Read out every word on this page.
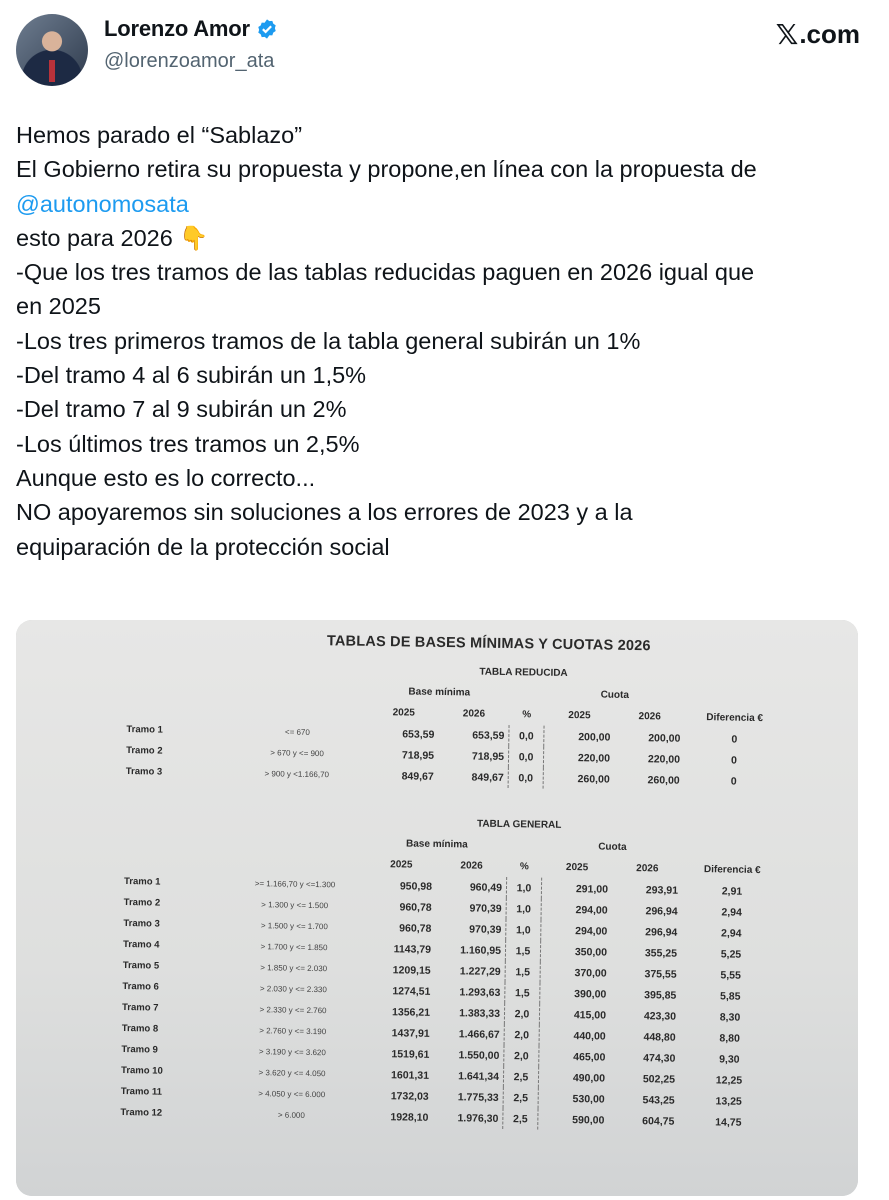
Lorenzo Amor
@lorenzoamor_ata
𝕏 .com
Hemos parado el “Sablazo”
El Gobierno retira su propuesta y propone,en línea con la propuesta de
@autonomosata
esto para 2026 👇
-Que los tres tramos de las tablas reducidas paguen en 2026 igual que
en 2025
-Los tres primeros tramos de la tabla general subirán un 1%
-Del tramo 4 al 6 subirán un 1,5%
-Del tramo 7 al 9 subirán un 2%
-Los últimos tres tramos un 2,5%
Aunque esto es lo correcto...
NO apoyaremos sin soluciones a los errores de 2023 y a la
equiparación de la protección social
TABLAS DE BASES MÍNIMAS Y CUOTAS 2026
		TABLA REDUCIDA					
		Base mínima			Cuota		
		2025	2026	%	2025	2026	Diferencia €
Tramo 1	<= 670	653,59	653,59	0,0	200,00	200,00	0
Tramo 2	> 670 y <= 900	718,95	718,95	0,0	220,00	220,00	0
Tramo 3	> 900 y <1.166,70	849,67	849,67	0,0	260,00	260,00	0
		TABLA GENERAL					
		Base mínima			Cuota		
		2025	2026	%	2025	2026	Diferencia €
Tramo 1	>= 1.166,70 y <=1.300	950,98	960,49	1,0	291,00	293,91	2,91
Tramo 2	> 1.300 y <= 1.500	960,78	970,39	1,0	294,00	296,94	2,94
Tramo 3	> 1.500 y <= 1.700	960,78	970,39	1,0	294,00	296,94	2,94
Tramo 4	> 1.700 y <= 1.850	1143,79	1.160,95	1,5	350,00	355,25	5,25
Tramo 5	> 1.850 y <= 2.030	1209,15	1.227,29	1,5	370,00	375,55	5,55
Tramo 6	> 2.030 y <= 2.330	1274,51	1.293,63	1,5	390,00	395,85	5,85
Tramo 7	> 2.330 y <= 2.760	1356,21	1.383,33	2,0	415,00	423,30	8,30
Tramo 8	> 2.760 y <= 3.190	1437,91	1.466,67	2,0	440,00	448,80	8,80
Tramo 9	> 3.190 y <= 3.620	1519,61	1.550,00	2,0	465,00	474,30	9,30
Tramo 10	> 3.620 y <= 4.050	1601,31	1.641,34	2,5	490,00	502,25	12,25
Tramo 11	> 4.050 y <= 6.000	1732,03	1.775,33	2,5	530,00	543,25	13,25
Tramo 12	> 6.000	1928,10	1.976,30	2,5	590,00	604,75	14,75
